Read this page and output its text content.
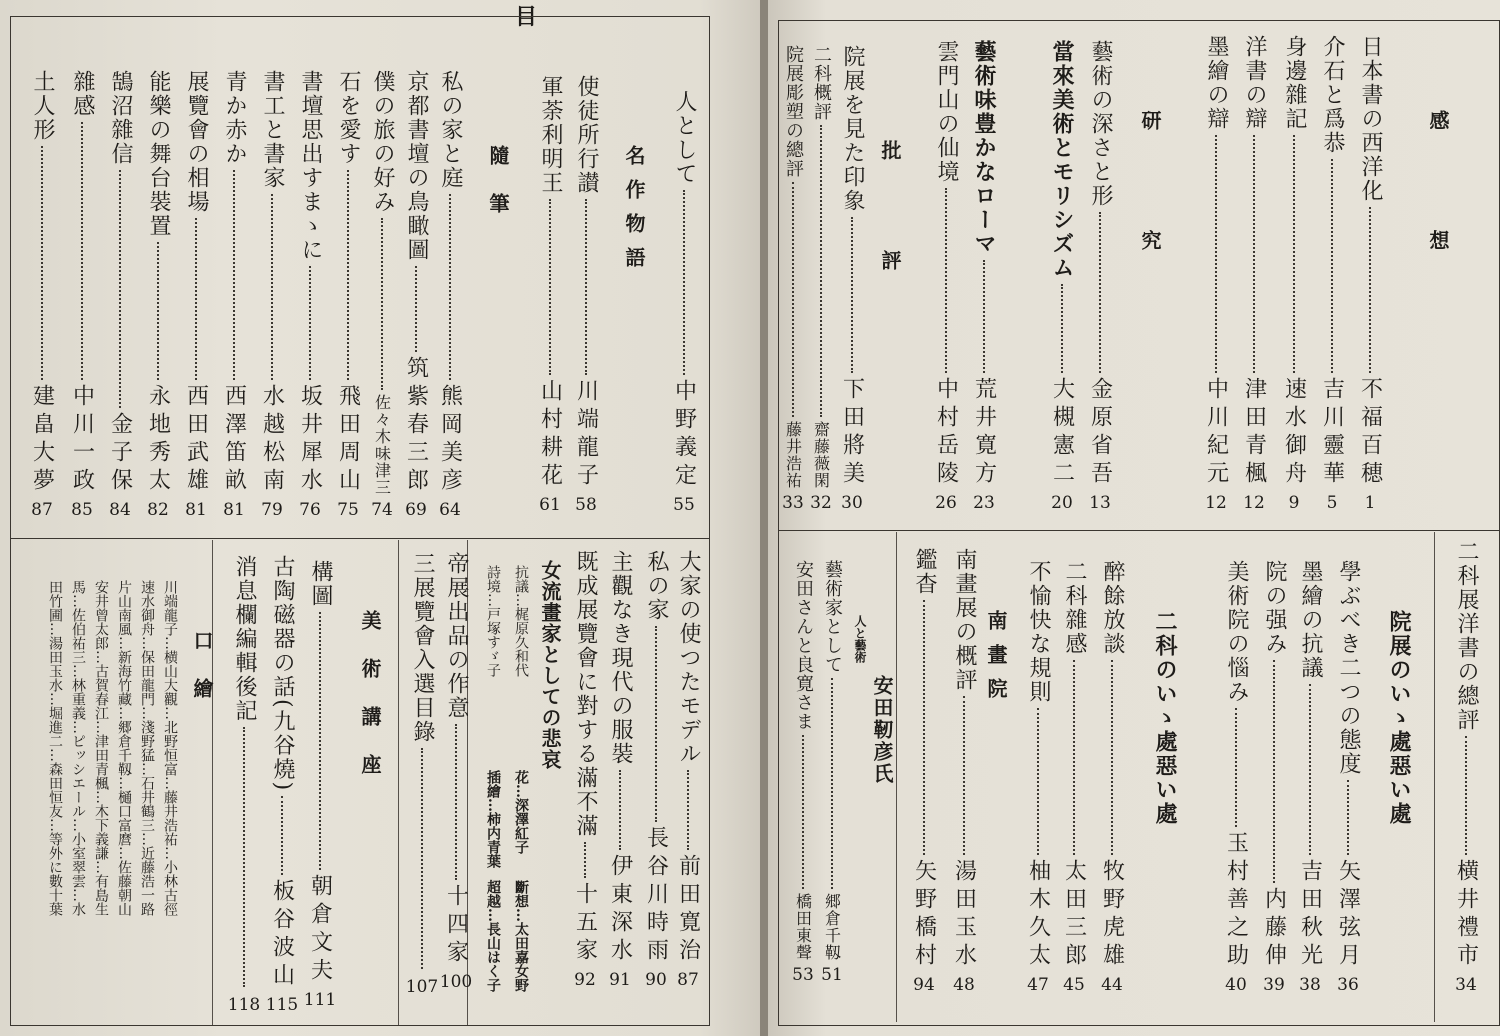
目
人として
中野義定
55
名作物語
使徒所行讃
川端龍子
58
軍荼利明王
山村耕花
61
隨筆
私の家と庭
熊岡美彦
64
京都書壇の鳥瞰圖
筑紫春三郎
69
僕の旅の好み
佐々木味津三
74
石を愛す
飛田周山
75
書壇思出すまゝに
坂井犀水
76
書工と書家
水越松南
79
青か赤か
西澤笛畝
81
展覽會の相場
西田武雄
81
能樂の舞台裝置
永地秀太
82
鵠沼雜信
金子保
84
雜感
中川一政
85
土人形
建畠大夢
87
大家の使つたモデル
前田寛治
87
私の家
長谷川時雨
90
主觀なき現代の服裝
伊東深水
91
既成展覽會に對する滿不滿
十五家
92
女流畫家としての悲哀
抗議…梶原久和代
花…深澤紅子
斷想…太田嘉女野
詩境…戸塚すゞ子
插繪…柿内青葉
超越…長山はく子
帝展出品の作意
十四家
100
三展覽會入選目錄
107
美術講座
構圖
朝倉文夫
111
古陶磁器の話(九谷燒)
板谷波山
115
消息欄編輯後記
118
口繪
川端龍子…横山大觀…北野恒富…藤井浩祐…小林古徑
速水御舟…保田龍門…淺野猛…石井鶴三…近藤浩一路
片山南風…新海竹藏…郷倉千靱…樋口富麿…佐藤朝山
安井曾太郎…古賀春江…津田青楓…木下義謙…有島生
馬…佐伯祐三…林重義…ピッシエール…小室翠雲…水
田竹圃…湯田玉水…堀進二…森田恒友…等外に數十葉
感想
日本書の西洋化
不福百穂
1
介石と爲恭
吉川靈華
5
身邊雜記
速水御舟
9
洋書の辯
津田青楓
12
墨繪の辯
中川紀元
12
研究
藝術の深さと形
金原省吾
13
當來美術とモリシズム
大槻憲二
20
藝術味豊かなローマ
荒井寛方
23
雲門山の仙境
中村岳陵
26
批評
院展を見た印象
下田將美
30
二科概評
齋藤薇閑
32
院展彫塑の總評
藤井浩祐
33
二科展洋書の總評
横井禮市
34
院展のいゝ處惡い處
學ぶべき二つの態度
矢澤弦月
36
墨繪の抗議
吉田秋光
38
院の强み
内藤伸
39
美術院の惱み
玉村善之助
40
二科のいゝ處惡い處
醉餘放談
牧野虎雄
44
二科雜感
太田三郎
45
不愉快な規則
柚木久太
47
南畫院
南畫展の概評
湯田玉水
48
鑑杳
矢野橋村
94
人と藝術
安田靭彦氏
藝術家として
郷倉千靱
51
安田さんと良寛さま
橋田東聲
53
